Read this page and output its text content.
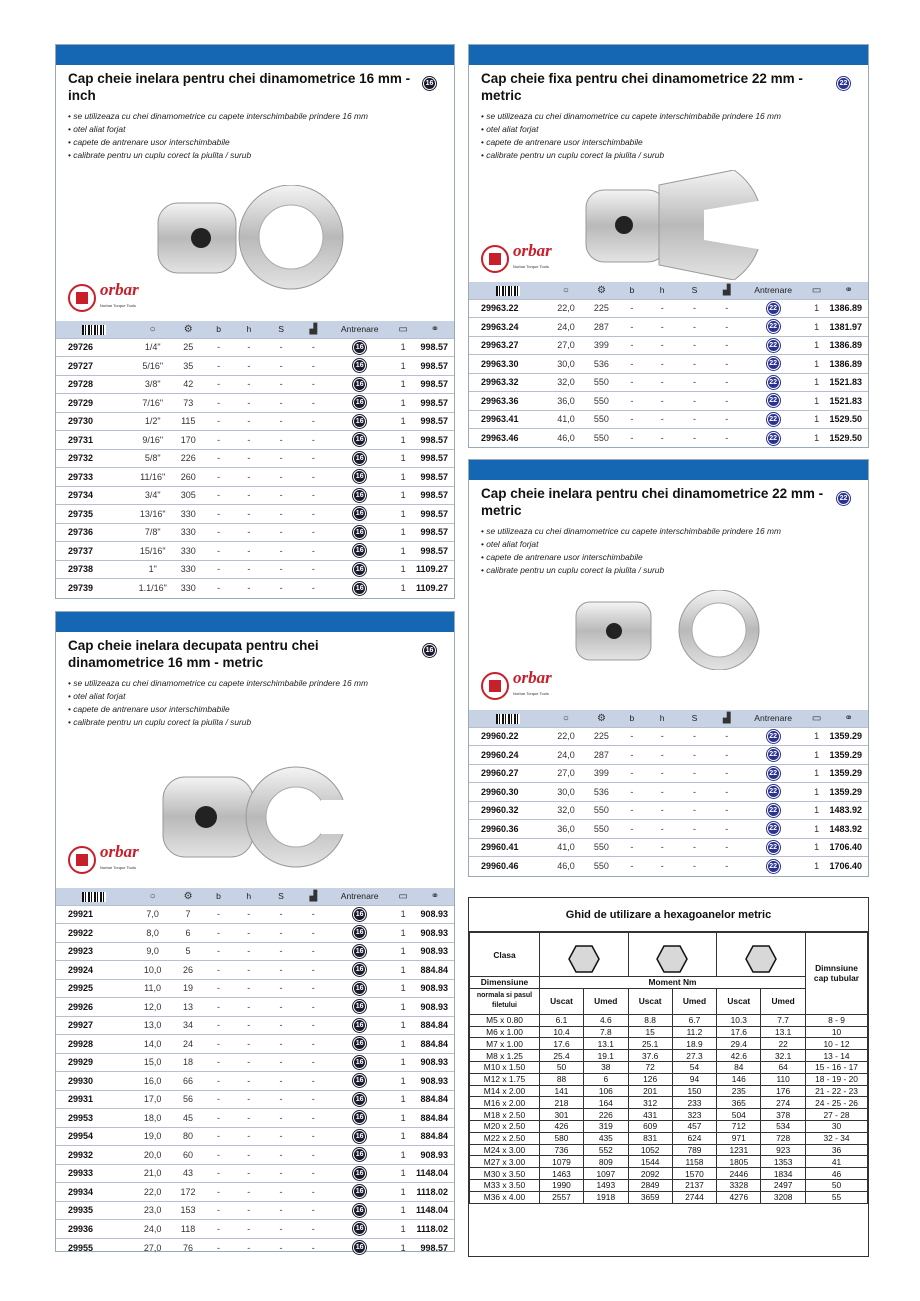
Cap cheie inelara pentru chei dinamometrice 16 mm - inch
16
• se utilizeaza cu chei dinamometrice cu capete interschimbabile prindere 16 mm
• otel aliat forjat
• capete de antrenare usor interschimbabile
• calibrate pentru un cuplu corect la piulita / surub
orbar
Norbar Torque Tools
	○	⚙	b	h	S	▟	Antrenare	▭	⚭
29726	1/4"	25	-	-	-	-	16	1	998.57
29727	5/16"	35	-	-	-	-	16	1	998.57
29728	3/8"	42	-	-	-	-	16	1	998.57
29729	7/16"	73	-	-	-	-	16	1	998.57
29730	1/2"	115	-	-	-	-	16	1	998.57
29731	9/16"	170	-	-	-	-	16	1	998.57
29732	5/8"	226	-	-	-	-	16	1	998.57
29733	11/16"	260	-	-	-	-	16	1	998.57
29734	3/4"	305	-	-	-	-	16	1	998.57
29735	13/16"	330	-	-	-	-	16	1	998.57
29736	7/8"	330	-	-	-	-	16	1	998.57
29737	15/16"	330	-	-	-	-	16	1	998.57
29738	1"	330	-	-	-	-	16	1	1109.27
29739	1.1/16"	330	-	-	-	-	16	1	1109.27
Cap cheie inelara decupata pentru chei dinamometrice 16 mm - metric
16
• se utilizeaza cu chei dinamometrice cu capete interschimbabile prindere 16 mm
• otel aliat forjat
• capete de antrenare usor interschimbabile
• calibrate pentru un cuplu corect la piulita / surub
orbar
Norbar Torque Tools
	○	⚙	b	h	S	▟	Antrenare	▭	⚭
29921	7,0	7	-	-	-	-	16	1	908.93
29922	8,0	6	-	-	-	-	16	1	908.93
29923	9,0	5	-	-	-	-	16	1	908.93
29924	10,0	26	-	-	-	-	16	1	884.84
29925	11,0	19	-	-	-	-	16	1	908.93
29926	12,0	13	-	-	-	-	16	1	908.93
29927	13,0	34	-	-	-	-	16	1	884.84
29928	14,0	24	-	-	-	-	16	1	884.84
29929	15,0	18	-	-	-	-	16	1	908.93
29930	16,0	66	-	-	-	-	16	1	908.93
29931	17,0	56	-	-	-	-	16	1	884.84
29953	18,0	45	-	-	-	-	16	1	884.84
29954	19,0	80	-	-	-	-	16	1	884.84
29932	20,0	60	-	-	-	-	16	1	908.93
29933	21,0	43	-	-	-	-	16	1	1148.04
29934	22,0	172	-	-	-	-	16	1	1118.02
29935	23,0	153	-	-	-	-	16	1	1148.04
29936	24,0	118	-	-	-	-	16	1	1118.02
29955	27,0	76	-	-	-	-	16	1	998.57
Cap cheie fixa pentru chei dinamometrice 22 mm - metric
22
• se utilizeaza cu chei dinamometrice cu capete interschimbabile prindere 16 mm
• otel aliat forjat
• capete de antrenare usor interschimbabile
• calibrate pentru un cuplu corect la piulita / surub
orbar
Norbar Torque Tools
	○	⚙	b	h	S	▟	Antrenare	▭	⚭
29963.22	22,0	225	-	-	-	-	22	1	1386.89
29963.24	24,0	287	-	-	-	-	22	1	1381.97
29963.27	27,0	399	-	-	-	-	22	1	1386.89
29963.30	30,0	536	-	-	-	-	22	1	1386.89
29963.32	32,0	550	-	-	-	-	22	1	1521.83
29963.36	36,0	550	-	-	-	-	22	1	1521.83
29963.41	41,0	550	-	-	-	-	22	1	1529.50
29963.46	46,0	550	-	-	-	-	22	1	1529.50
Cap cheie inelara pentru chei dinamometrice 22 mm - metric
22
• se utilizeaza cu chei dinamometrice cu capete interschimbabile prindere 16 mm
• otel aliat forjat
• capete de antrenare usor interschimbabile
• calibrate pentru un cuplu corect la piulita / surub
orbar
Norbar Torque Tools
	○	⚙	b	h	S	▟	Antrenare	▭	⚭
29960.22	22,0	225	-	-	-	-	22	1	1359.29
29960.24	24,0	287	-	-	-	-	22	1	1359.29
29960.27	27,0	399	-	-	-	-	22	1	1359.29
29960.30	30,0	536	-	-	-	-	22	1	1359.29
29960.32	32,0	550	-	-	-	-	22	1	1483.92
29960.36	36,0	550	-	-	-	-	22	1	1483.92
29960.41	41,0	550	-	-	-	-	22	1	1706.40
29960.46	46,0	550	-	-	-	-	22	1	1706.40
Ghid de utilizare a hexagoanelor metric
Clasa							Dimnsiune cap tubular
Dimensiune	Moment Nm						
normala si pasul filetului	Uscat	Umed	Uscat	Umed	Uscat	Umed	
M5 x 0.80	6.1	4.6	8.8	6.7	10.3	7.7	8 - 9
M6 x 1.00	10.4	7.8	15	11.2	17.6	13.1	10
M7 x 1.00	17.6	13.1	25.1	18.9	29.4	22	10 - 12
M8 x 1.25	25.4	19.1	37.6	27.3	42.6	32.1	13 - 14
M10 x 1.50	50	38	72	54	84	64	15 - 16 - 17
M12 x 1.75	88	6	126	94	146	110	18 - 19 - 20
M14 x 2.00	141	106	201	150	235	176	21 - 22 - 23
M16 x 2.00	218	164	312	233	365	274	24 - 25 - 26
M18 x 2.50	301	226	431	323	504	378	27 - 28
M20 x 2.50	426	319	609	457	712	534	30
M22 x 2.50	580	435	831	624	971	728	32 - 34
M24 x 3.00	736	552	1052	789	1231	923	36
M27 x 3.00	1079	809	1544	1158	1805	1353	41
M30 x 3.50	1463	1097	2092	1570	2446	1834	46
M33 x 3.50	1990	1493	2849	2137	3328	2497	50
M36 x 4.00	2557	1918	3659	2744	4276	3208	55
